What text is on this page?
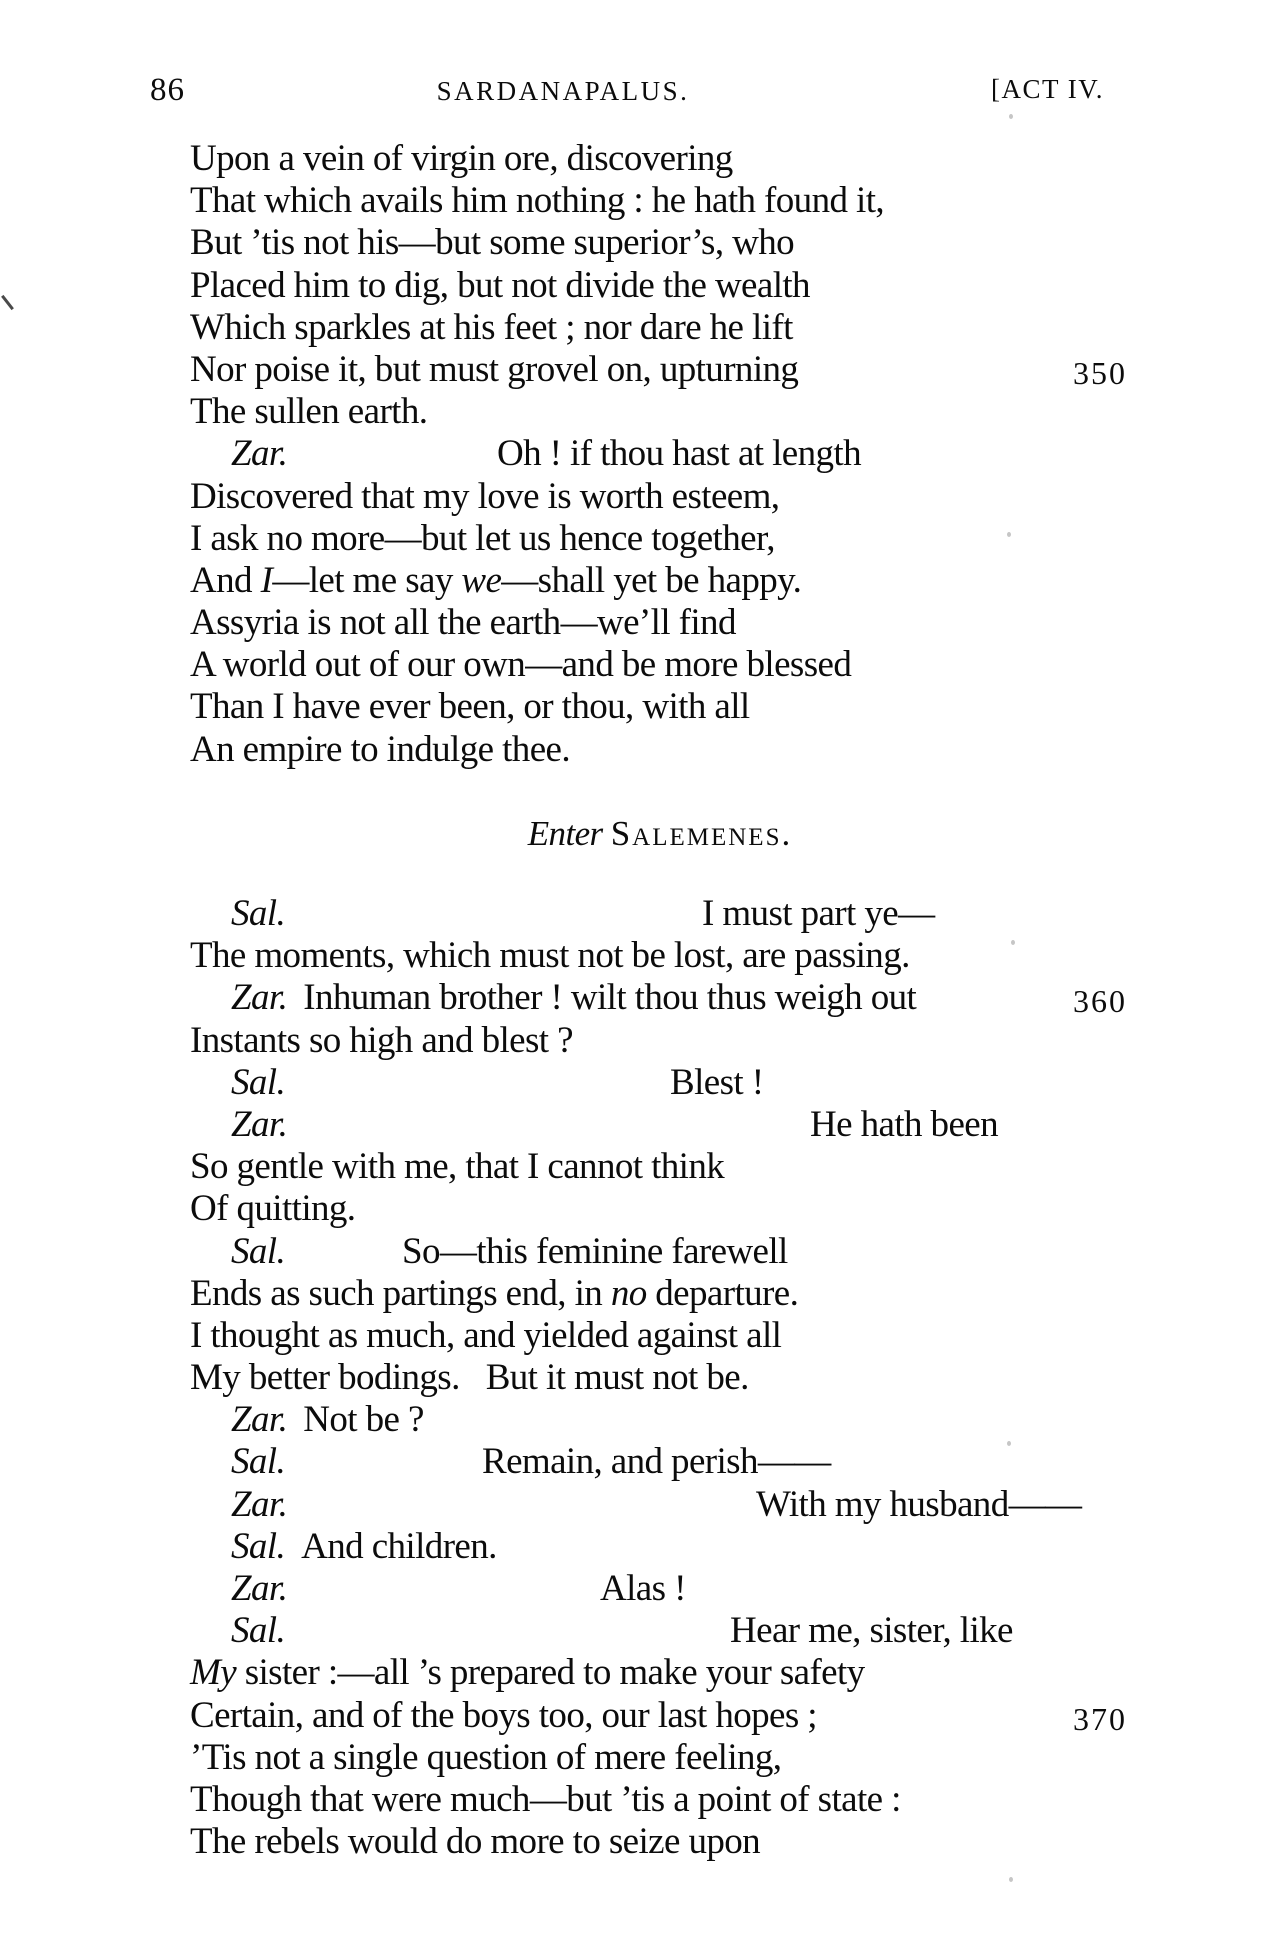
86	SARDANAPALUS.	[ACT IV.
Upon a vein of virgin ore, discovering
That which avails him nothing : he hath found it,
But ’tis not his—but some superior’s, who
Placed him to dig, but not divide the wealth
Which sparkles at his feet ; nor dare he lift
Nor poise it, but must grovel on, upturning	350
The sullen earth.
Zar.	Oh ! if thou hast at length
Discovered that my love is worth esteem,
I ask no more—but let us hence together,
And I—let me say we—shall yet be happy.
Assyria is not all the earth—we’ll find
A world out of our own—and be more blessed
Than I have ever been, or thou, with all
An empire to indulge thee.
Enter Salemenes.
Sal.	I must part ye—
The moments, which must not be lost, are passing.
Zar. Inhuman brother ! wilt thou thus weigh out	360
Instants so high and blest ?
Sal.	Blest !
Zar.	He hath been
So gentle with me, that I cannot think
Of quitting.
Sal.	So—this feminine farewell
Ends as such partings end, in no departure.
I thought as much, and yielded against all
My better bodings.   But it must not be.
Zar. Not be ?
Sal.	Remain, and perish——
Zar.	With my husband——
Sal. And children.
Zar.	Alas !
Sal.	Hear me, sister, like
My sister :—all ’s prepared to make your safety
Certain, and of the boys too, our last hopes ;	370
’Tis not a single question of mere feeling,
Though that were much—but ’tis a point of state :
The rebels would do more to seize upon
